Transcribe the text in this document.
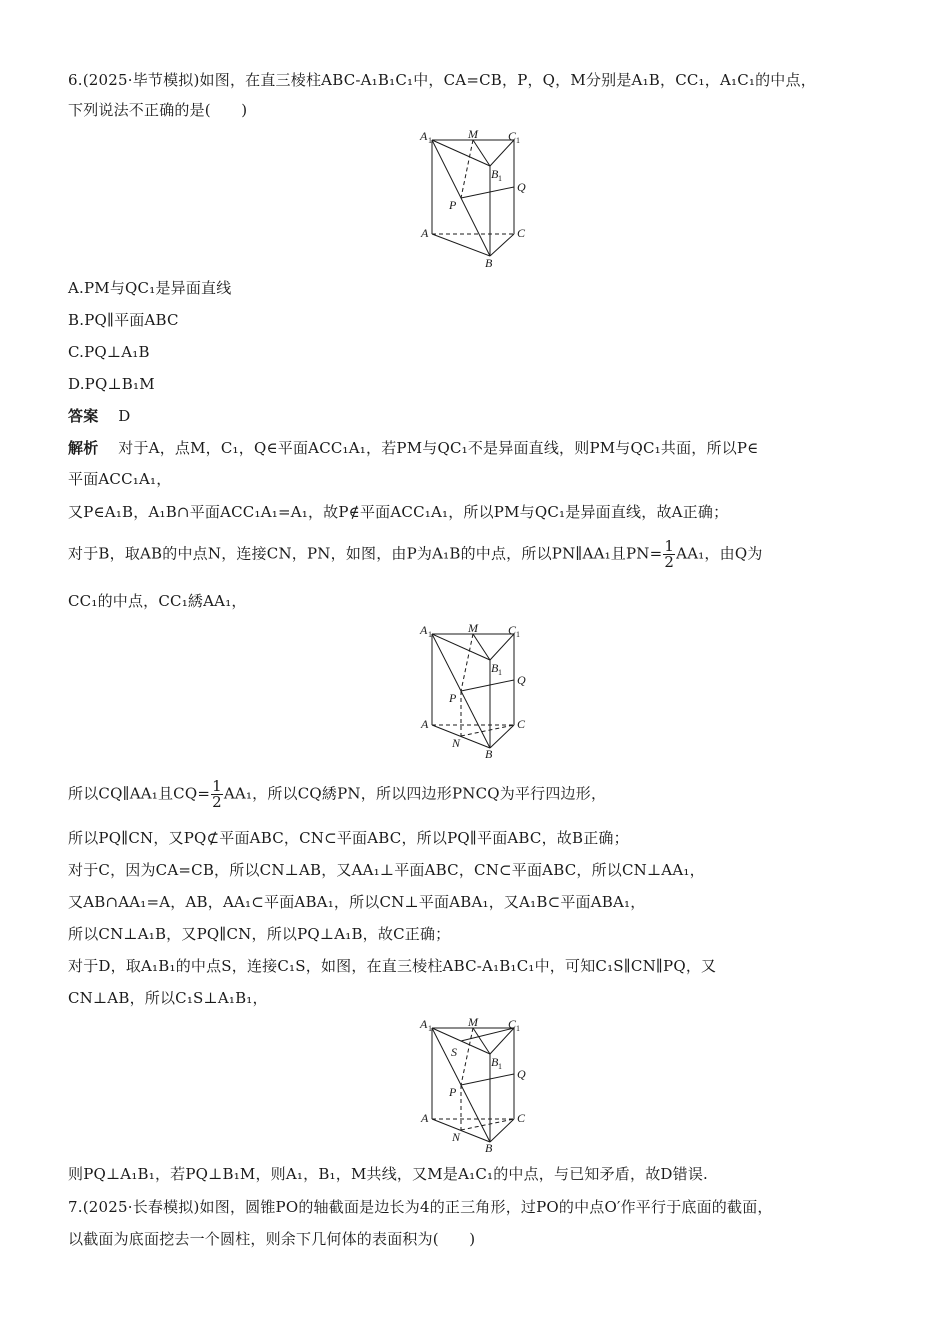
6.(2025·毕节模拟)如图，在直三棱柱ABC-A₁B₁C₁中，CA=CB，P，Q，M分别是A₁B，CC₁，A₁C₁的中点，
下列说法不正确的是(　　)
A 1	M	C 1
B 1
Q
P
A	C
B
A.PM与QC₁是异面直线
B.PQ∥平面ABC
C.PQ⊥A₁B
D.PQ⊥B₁M
答案 D
解析 对于A，点M，C₁，Q∈平面ACC₁A₁，若PM与QC₁不是异面直线，则PM与QC₁共面，所以P∈
平面ACC₁A₁，
又P∈A₁B，A₁B∩平面ACC₁A₁=A₁，故P∉平面ACC₁A₁，所以PM与QC₁是异面直线，故A正确；
对于B，取AB的中点N，连接CN，PN，如图，由P为A₁B的中点，所以PN∥AA₁且$PN= \frac{1}{2} AA_1$，由Q为
CC₁的中点，CC₁綉AA₁，
A 1	M	C 1
B 1
Q
P
A	C
N
B
所以CQ∥AA₁且$CQ= \frac{1}{2} AA_1$，所以CQ綉PN，所以四边形PNCQ为平行四边形，
所以PQ∥CN，又PQ⊄平面ABC，CN⊂平面ABC，所以PQ∥平面ABC，故B正确；
对于C，因为CA=CB，所以CN⊥AB，又AA₁⊥平面ABC，CN⊂平面ABC，所以CN⊥AA₁，
又AB∩AA₁=A，AB，AA₁⊂平面ABA₁，所以CN⊥平面ABA₁，又A₁B⊂平面ABA₁，
所以CN⊥A₁B，又PQ∥CN，所以PQ⊥A₁B，故C正确；
对于D，取A₁B₁的中点S，连接C₁S，如图，在直三棱柱ABC-A₁B₁C₁中，可知C₁S∥CN∥PQ，又
CN⊥AB，所以C₁S⊥A₁B₁，
A 1	M	C 1
S
B 1
Q
P
A	C
N
B
则PQ⊥A₁B₁，若PQ⊥B₁M，则A₁，B₁，M共线，又M是A₁C₁的中点，与已知矛盾，故D错误.
7.(2025·长春模拟)如图，圆锥PO的轴截面是边长为4的正三角形，过PO的中点O′作平行于底面的截面，
以截面为底面挖去一个圆柱，则余下几何体的表面积为(　　)
